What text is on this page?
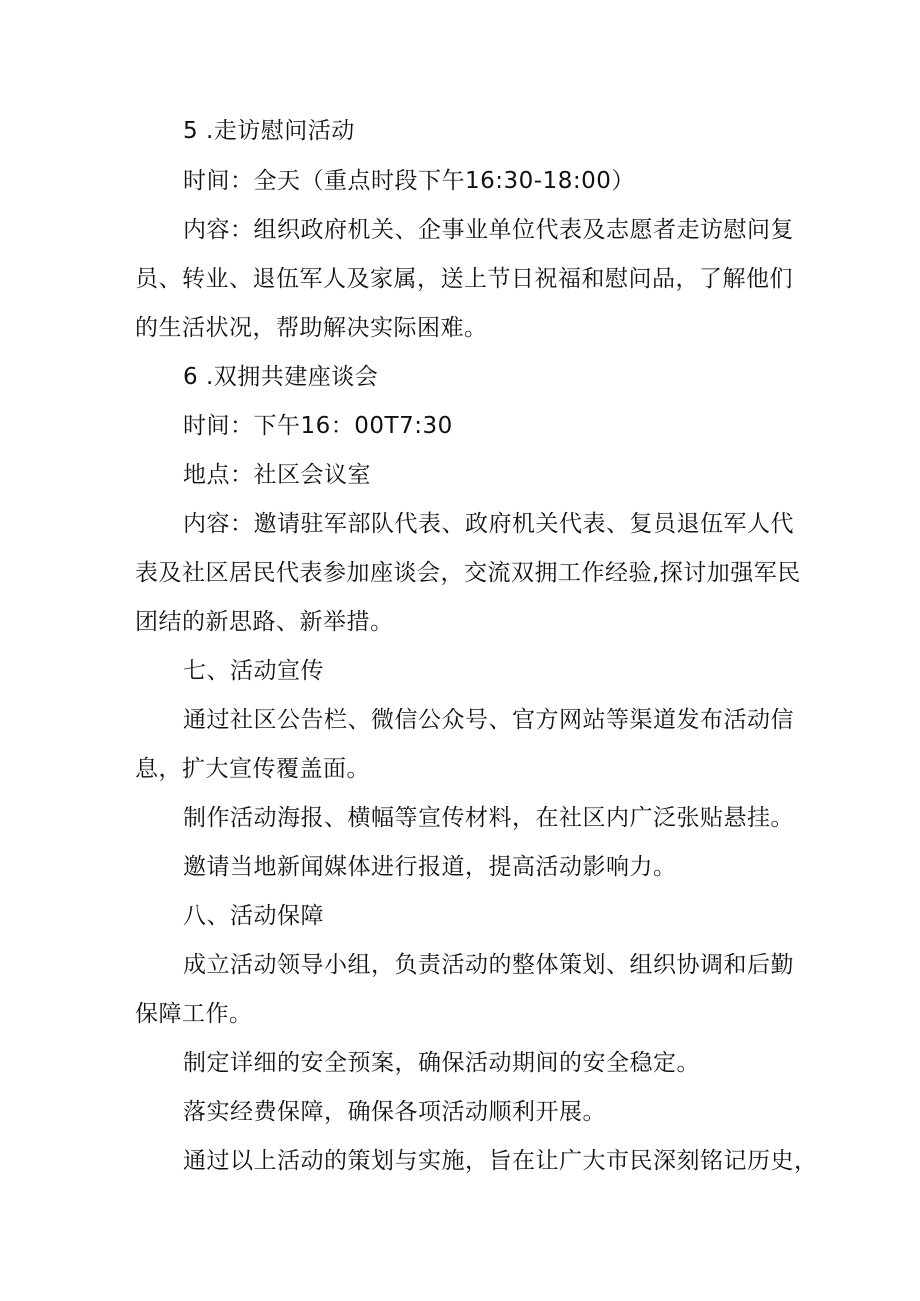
5 .走访慰问活动
时间：全天（重点时段下午16:30-18:00）
内容：组织政府机关、企事业单位代表及志愿者走访慰问复
员、转业、退伍军人及家属，送上节日祝福和慰问品，了解他们
的生活状况，帮助解决实际困难。
6 .双拥共建座谈会
时间：下午16：00T7:30
地点：社区会议室
内容：邀请驻军部队代表、政府机关代表、复员退伍军人代
表及社区居民代表参加座谈会，交流双拥工作经验,探讨加强军民
团结的新思路、新举措。
七、活动宣传
通过社区公告栏、微信公众号、官方网站等渠道发布活动信
息，扩大宣传覆盖面。
制作活动海报、横幅等宣传材料，在社区内广泛张贴悬挂。
邀请当地新闻媒体进行报道，提高活动影响力。
八、活动保障
成立活动领导小组，负责活动的整体策划、组织协调和后勤
保障工作。
制定详细的安全预案，确保活动期间的安全稳定。
落实经费保障，确保各项活动顺利开展。
通过以上活动的策划与实施，旨在让广大市民深刻铭记历史，
